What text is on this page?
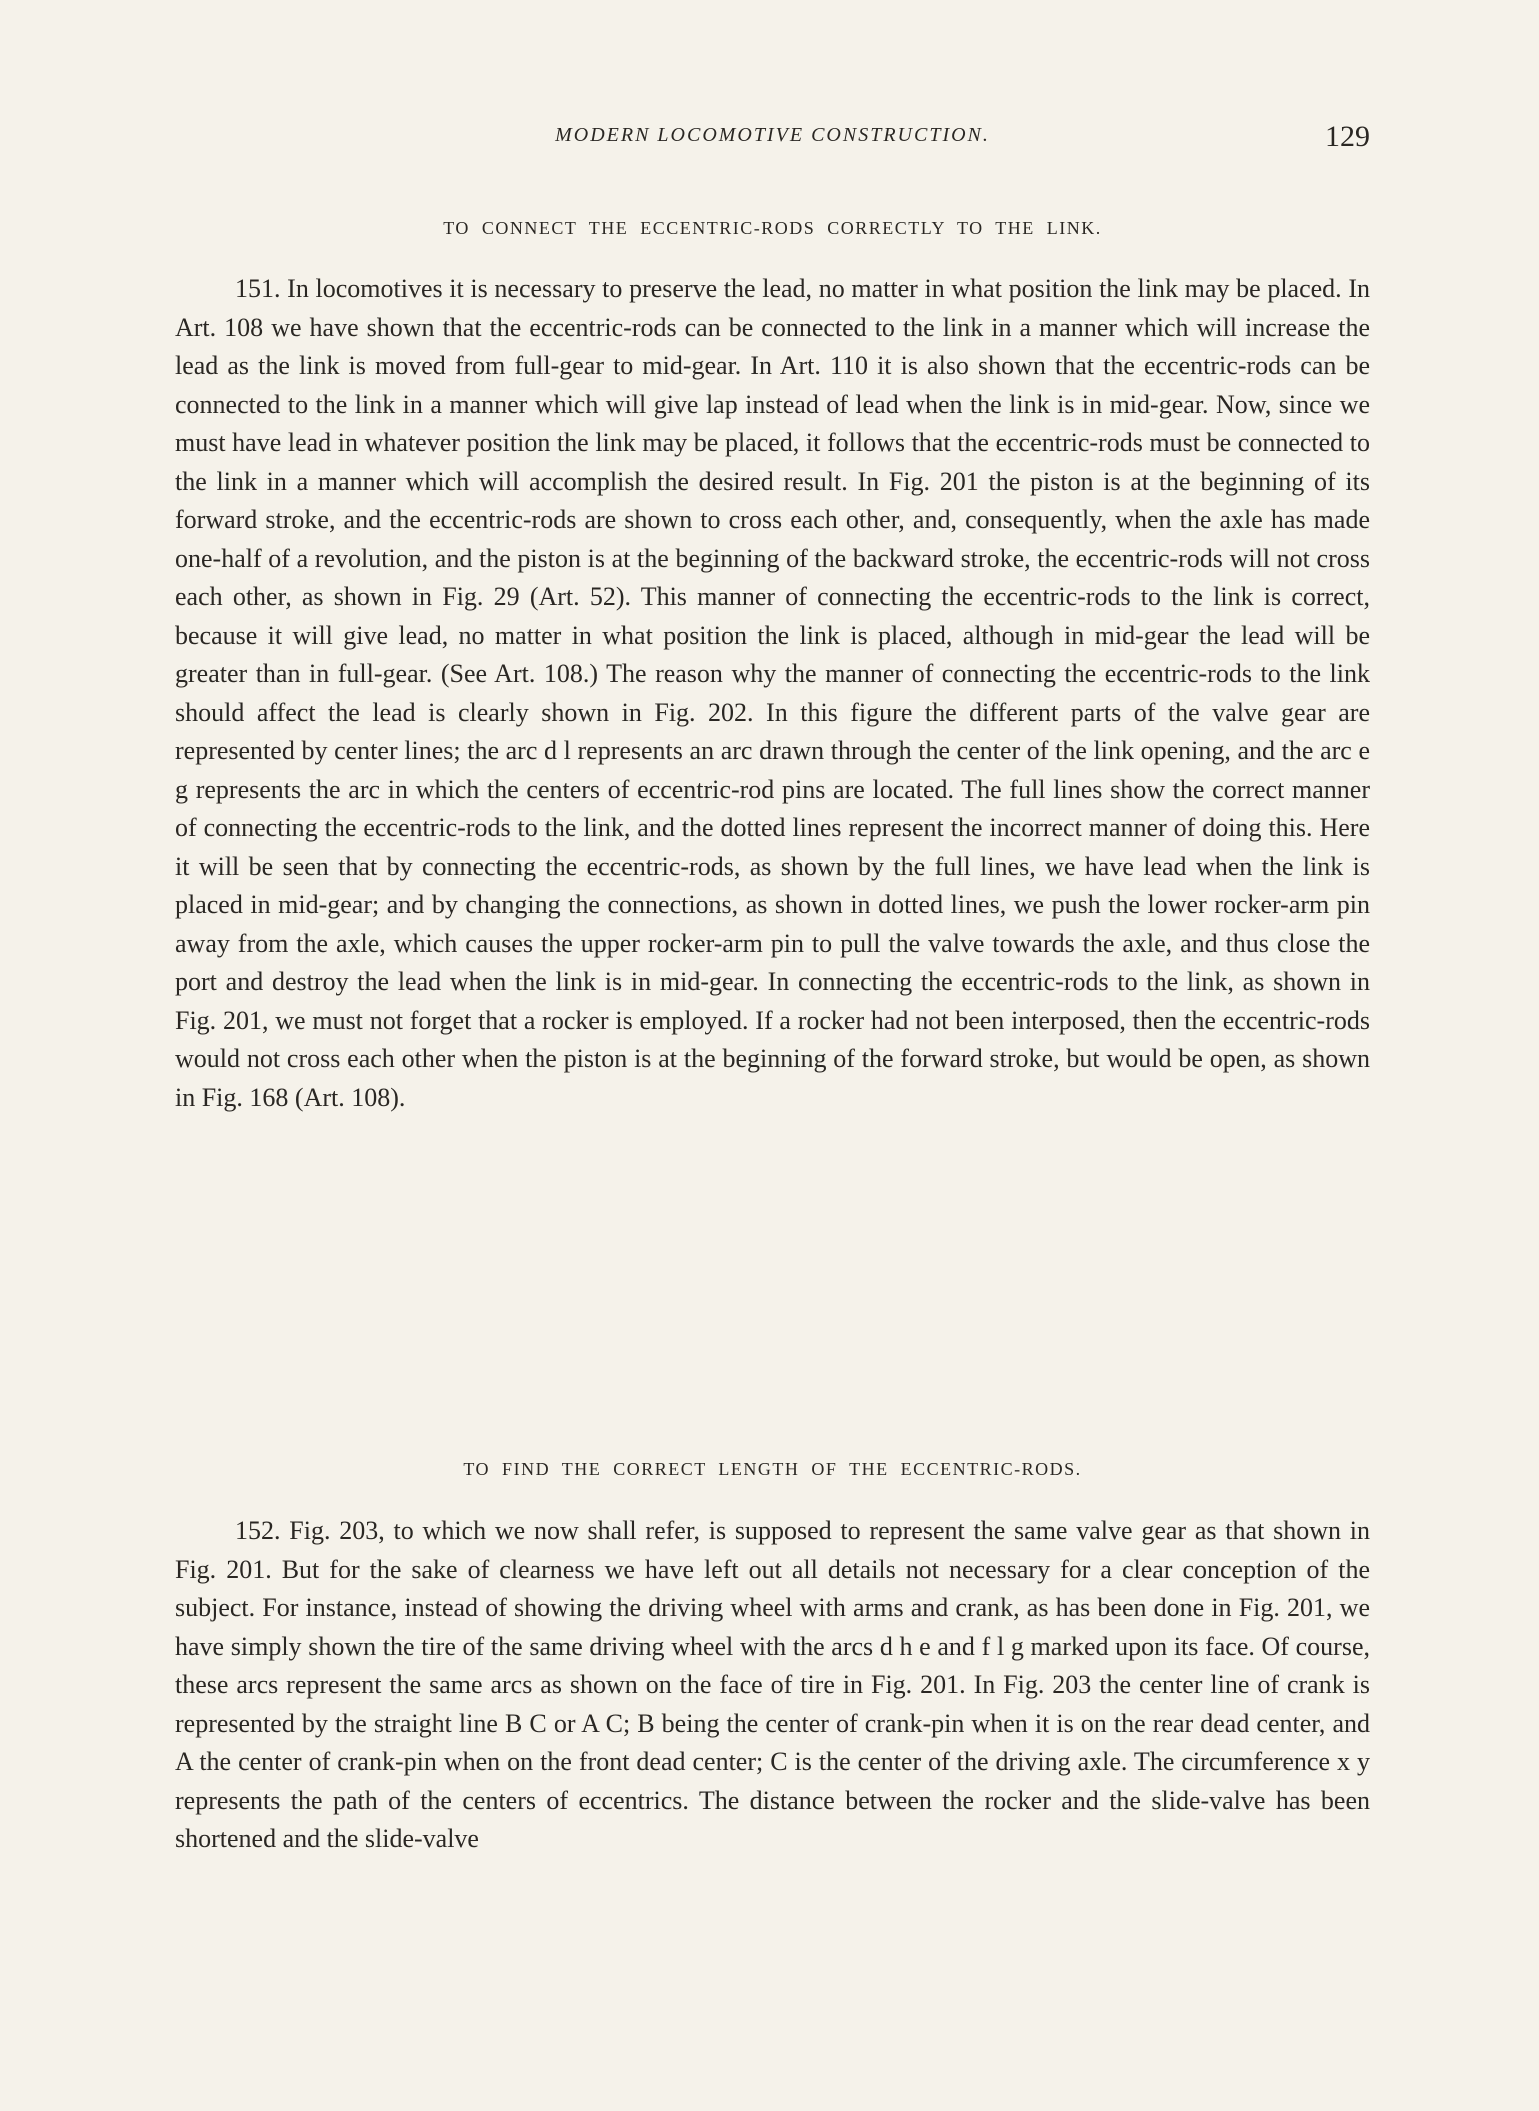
MODERN LOCOMOTIVE CONSTRUCTION.	129
TO CONNECT THE ECCENTRIC-RODS CORRECTLY TO THE LINK.

151. In locomotives it is necessary to preserve the lead, no matter in what position the link may be placed. In Art. 108 we have shown that the eccentric-rods can be connected to the link in a manner which will increase the lead as the link is moved from full-gear to mid-gear. In Art. 110 it is also shown that the eccentric-rods can be connected to the link in a manner which will give lap instead of lead when the link is in mid-gear. Now, since we must have lead in whatever position the link may be placed, it follows that the eccentric-rods must be connected to the link in a manner which will accomplish the desired result. In Fig. 201 the piston is at the beginning of its forward stroke, and the eccentric-rods are shown to cross each other, and, consequently, when the axle has made one-half of a revolution, and the piston is at the beginning of the backward stroke, the eccentric-rods will not cross each other, as shown in Fig. 29 (Art. 52). This manner of connecting the eccentric-rods to the link is correct, because it will give lead, no matter in what position the link is placed, although in mid-gear the lead will be greater than in full-gear. (See Art. 108.) The reason why the manner of connecting the eccentric-rods to the link should affect the lead is clearly shown in Fig. 202. In this figure the different parts of the valve gear are represented by center lines; the arc d l represents an arc drawn through the center of the link opening, and the arc e g represents the arc in which the centers of eccentric-rod pins are located. The full lines show the correct manner of connecting the eccentric-rods to the link, and the dotted lines represent the incorrect manner of doing this. Here it will be seen that by connecting the eccentric-rods, as shown by the full lines, we have lead when the link is placed in mid-gear; and by changing the connections, as shown in dotted lines, we push the lower rocker-arm pin away from the axle, which causes the upper rocker-arm pin to pull the valve towards the axle, and thus close the port and destroy the lead when the link is in mid-gear. In connecting the eccentric-rods to the link, as shown in Fig. 201, we must not forget that a rocker is employed. If a rocker had not been interposed, then the eccentric-rods would not cross each other when the piston is at the beginning of the forward stroke, but would be open, as shown in Fig. 168 (Art. 108).

TO FIND THE CORRECT LENGTH OF THE ECCENTRIC-RODS.

152. Fig. 203, to which we now shall refer, is supposed to represent the same valve gear as that shown in Fig. 201. But for the sake of clearness we have left out all details not necessary for a clear conception of the subject. For instance, instead of showing the driving wheel with arms and crank, as has been done in Fig. 201, we have simply shown the tire of the same driving wheel with the arcs d h e and f l g marked upon its face. Of course, these arcs represent the same arcs as shown on the face of tire in Fig. 201. In Fig. 203 the center line of crank is represented by the straight line B C or A C; B being the center of crank-pin when it is on the rear dead center, and A the center of crank-pin when on the front dead center; C is the center of the driving axle. The circumference x y represents the path of the centers of eccentrics. The distance between the rocker and the slide-valve has been shortened and the slide-valve
